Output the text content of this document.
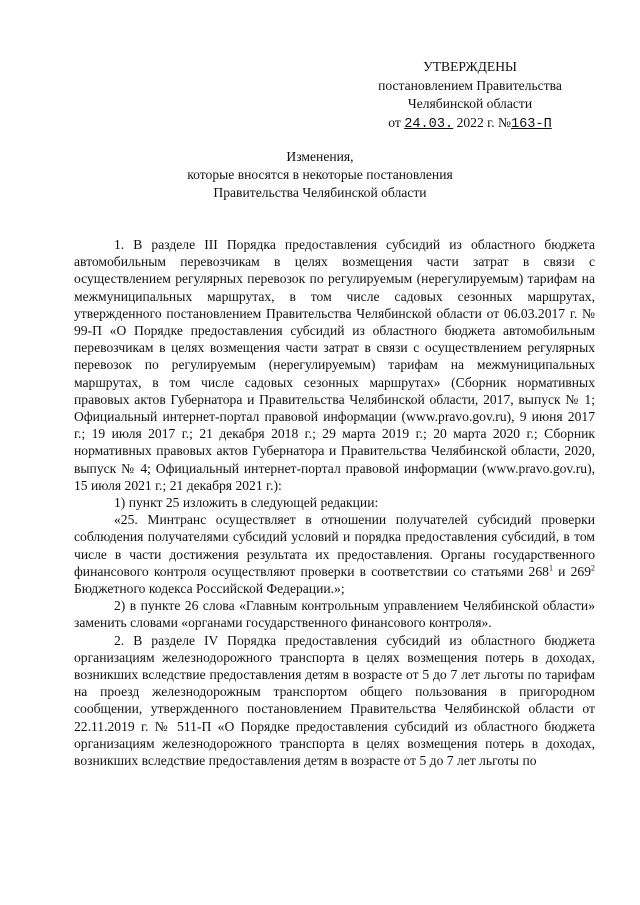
УТВЕРЖДЕНЫ
постановлением Правительства
Челябинской области
от 24.03. 2022 г. №163-П
Изменения,
которые вносятся в некоторые постановления
Правительства Челябинской области

1. В разделе III Порядка предоставления субсидий из областного бюджета автомобильным перевозчикам в целях возмещения части затрат в связи с осуществлением регулярных перевозок по регулируемым (нерегулируемым) тарифам на межмуниципальных маршрутах, в том числе садовых сезонных маршрутах, утвержденного постановлением Правительства Челябинской области от 06.03.2017 г. № 99-П «О Порядке предоставления субсидий из областного бюджета автомобильным перевозчикам в целях возмещения части затрат в связи с осуществлением регулярных перевозок по регулируемым (нерегулируемым) тарифам на межмуниципальных маршрутах, в том числе садовых сезонных маршрутах» (Сборник нормативных правовых актов Губернатора и Правительства Челябинской области, 2017, выпуск № 1; Официальный интернет-портал правовой информации (www.pravo.gov.ru), 9 июня 2017 г.; 19 июля 2017 г.; 21 декабря 2018 г.; 29 марта 2019 г.; 20 марта 2020 г.; Сборник нормативных правовых актов Губернатора и Правительства Челябинской области, 2020, выпуск № 4; Официальный интернет-портал правовой информации (www.pravo.gov.ru), 15 июля 2021 г.; 21 декабря 2021 г.):

1) пункт 25 изложить в следующей редакции:

«25. Минтранс осуществляет в отношении получателей субсидий проверки соблюдения получателями субсидий условий и порядка предоставления субсидий, в том числе в части достижения результата их предоставления. Органы государственного финансового контроля осуществляют проверки в соответствии со статьями $268^1$ и $269^2$ Бюджетного кодекса Российской Федерации.»;

2) в пункте 26 слова «Главным контрольным управлением Челябинской области» заменить словами «органами государственного финансового контроля».

2. В разделе IV Порядка предоставления субсидий из областного бюджета организациям железнодорожного транспорта в целях возмещения потерь в доходах, возникших вследствие предоставления детям в возрасте от 5 до 7 лет льготы по тарифам на проезд железнодорожным транспортом общего пользования в пригородном сообщении, утвержденного постановлением Правительства Челябинской области от 22.11.2019 г. № 511-П «О Порядке предоставления субсидий из областного бюджета организациям железнодорожного транспорта в целях возмещения потерь в доходах, возникших вследствие предоставления детям в возрасте от 5 до 7 лет льготы по
